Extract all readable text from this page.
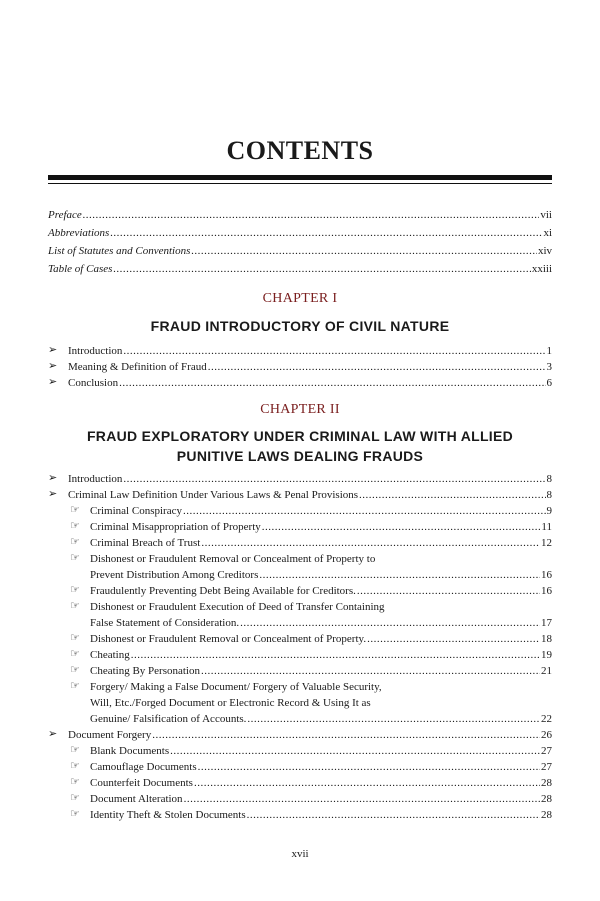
CONTENTS
Preface .....	vii
Abbreviations .....	xi
List of Statutes and Conventions .....	xiv
Table of Cases .....	xxiii
CHAPTER I
FRAUD INTRODUCTORY OF CIVIL NATURE
➢ Introduction .....	1
➢ Meaning & Definition of Fraud .....	3
➢ Conclusion .....	6
CHAPTER II
FRAUD EXPLORATORY UNDER CRIMINAL LAW WITH ALLIED
PUNITIVE LAWS DEALING FRAUDS
➢ Introduction .....	8
➢ Criminal Law Definition Under Various Laws & Penal Provisions .....	8
☞ Criminal Conspiracy .....	9
☞ Criminal Misappropriation of Property .....	11
☞ Criminal Breach of Trust .....	12
☞ Dishonest or Fraudulent Removal or Concealment of Property to
Prevent Distribution Among Creditors .....	16
☞ Fraudulently Preventing Debt Being Available for Creditors. .....	16
☞ Dishonest or Fraudulent Execution of Deed of Transfer Containing
False Statement of Consideration. .....	17
☞ Dishonest or Fraudulent Removal or Concealment of Property. .....	18
☞ Cheating .....	19
☞ Cheating By Personation .....	21
☞ Forgery/ Making a False Document/ Forgery of Valuable Security,
Will, Etc./Forged Document or Electronic Record & Using It as
Genuine/ Falsification of Accounts. .....	22
➢ Document Forgery .....	26
☞ Blank Documents .....	27
☞ Camouflage Documents .....	27
☞ Counterfeit Documents .....	28
☞ Document Alteration .....	28
☞ Identity Theft & Stolen Documents .....	28
xvii
